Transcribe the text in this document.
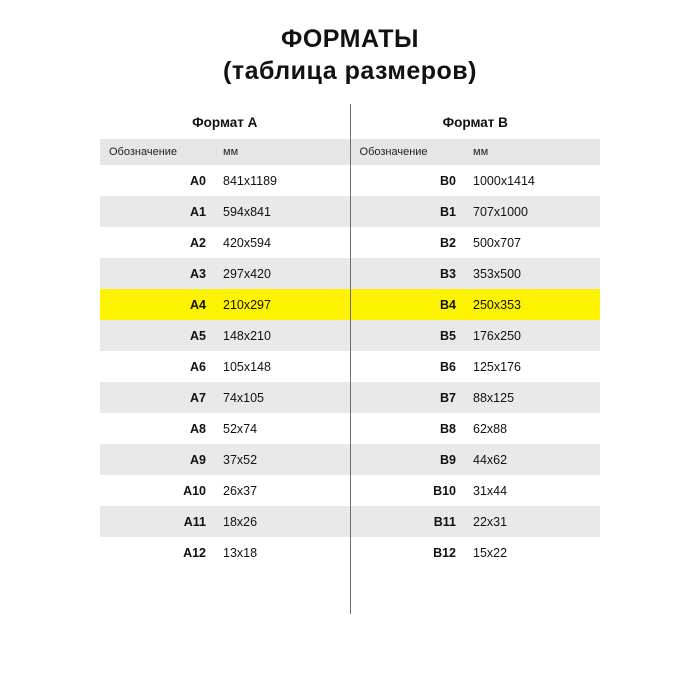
ФОРМАТЫ
(таблица размеров)
Формат А		Формат В	
Обозначение	мм	Обозначение	мм
A0	841x1189	B0	1000x1414
A1	594x841	B1	707x1000
A2	420x594	B2	500x707
A3	297x420	B3	353x500
A4	210x297	B4	250x353
A5	148x210	B5	176x250
A6	105x148	B6	125x176
A7	74x105	B7	88x125
A8	52x74	B8	62x88
A9	37x52	B9	44x62
A10	26x37	B10	31x44
A11	18x26	B11	22x31
A12	13x18	B12	15x22
